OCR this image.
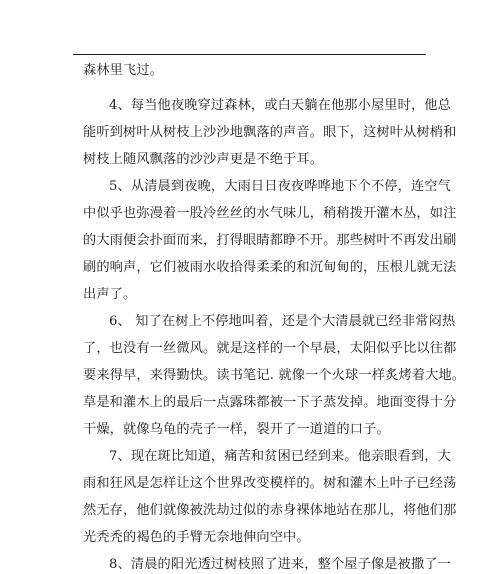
森林里飞过。
4、每当他夜晚穿过森林，或白天躺在他那小屋里时，他总
能听到树叶从树枝上沙沙地飘落的声音。眼下，这树叶从树梢和
树枝上随风飘落的沙沙声更是不绝于耳。
5、从清晨到夜晚，大雨日日夜夜哗哗地下个不停，连空气
中似乎也弥漫着一股冷丝丝的水气味儿，稍稍拨开灌木丛，如注
的大雨便会扑面而来，打得眼睛都睁不开。那些树叶不再发出刷
刷的响声，它们被雨水收拾得柔柔的和沉甸甸的，压根儿就无法
出声了。
6、 知了在树上不停地叫着，还是个大清晨就已经非常闷热
了，也没有一丝微风。就是这样的一个早晨，太阳似乎比以往都
要来得早，来得勤快。读书笔记. 就像一个火球一样炙烤着大地。
草是和灌木上的最后一点露珠都被一下子蒸发掉。地面变得十分
干燥，就像乌龟的壳子一样，裂开了一道道的口子。
7、现在斑比知道，痛苦和贫困已经到来。他亲眼看到，大
雨和狂风是怎样让这个世界改变模样的。树和灌木上叶子已经荡
然无存，他们就像被洗劫过似的赤身裸体地站在那儿，将他们那
光秃秃的褐色的手臂无奈地伸向空中。
8、清晨的阳光透过树枝照了进来，整个屋子像是被撒了一
